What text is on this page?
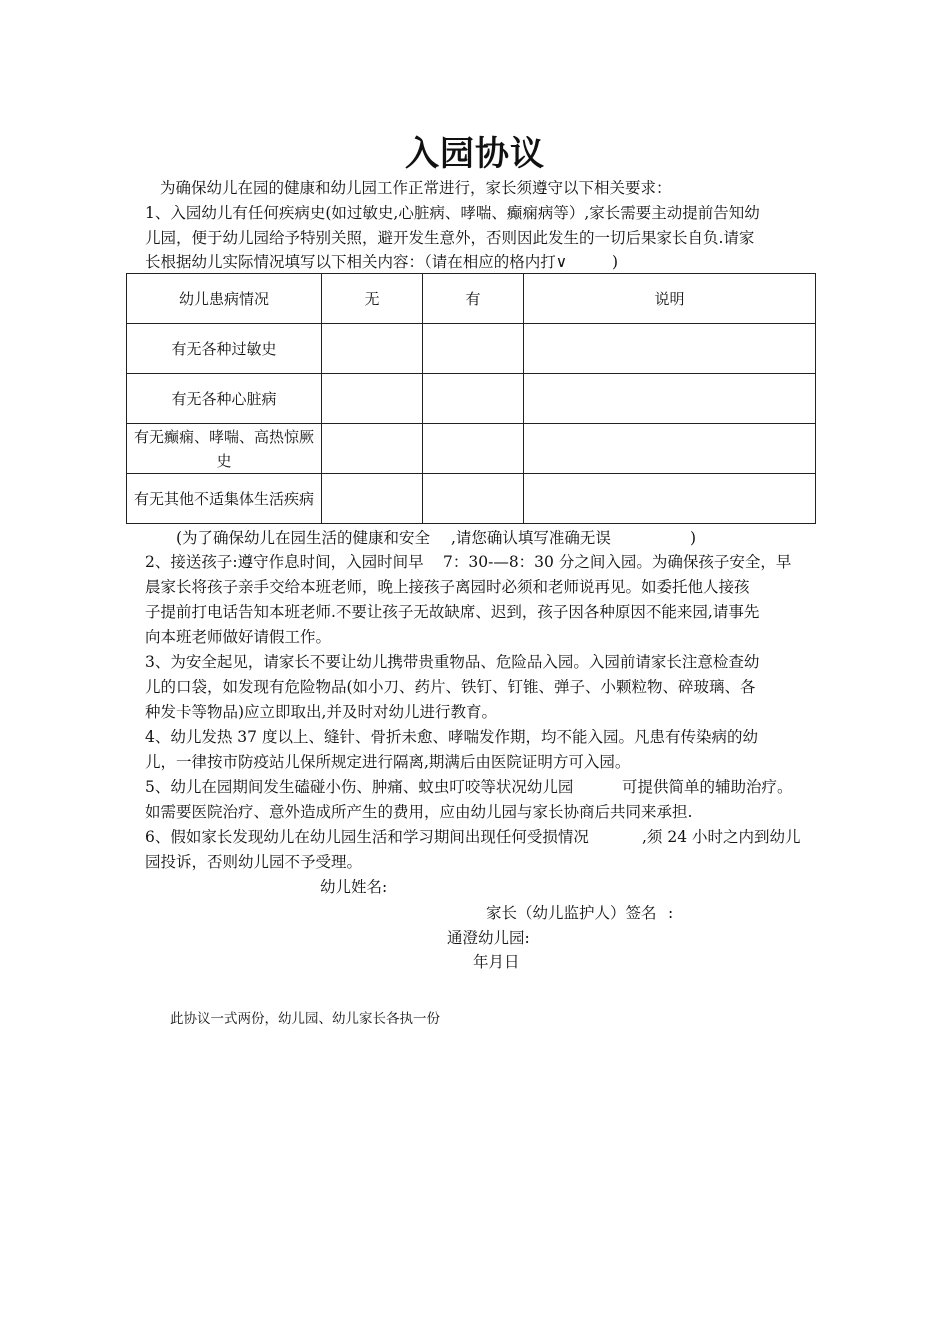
入园协议
为确保幼儿在园的健康和幼儿园工作正常进行，家长须遵守以下相关要求：
1、入园幼儿有任何疾病史(如过敏史,心脏病、哮喘、癫痫病等）,家长需要主动提前告知幼
儿园，便于幼儿园给予特别关照，避开发生意外，否则因此发生的一切后果家长自负.请家
长根据幼儿实际情况填写以下相关内容：（请在相应的格内打∨	)
幼儿患病情况	无	有	说明
有无各种过敏史			
有无各种心脏病			
有无癫痫、哮喘、高热惊厥史			
有无其他不适集体生活疾病			
(为了确保幼儿在园生活的健康和安全 ,请您确认填写准确无误	)
2、接送孩子:遵守作息时间，入园时间早 7：30-—8：30 分之间入园。为确保孩子安全，早
晨家长将孩子亲手交给本班老师，晚上接孩子离园时必须和老师说再见。如委托他人接孩
子提前打电话告知本班老师.不要让孩子无故缺席、迟到，孩子因各种原因不能来园,请事先
向本班老师做好请假工作。
3、为安全起见，请家长不要让幼儿携带贵重物品、危险品入园。入园前请家长注意检查幼
儿的口袋，如发现有危险物品(如小刀、药片、铁钉、钉锥、弹子、小颗粒物、碎玻璃、各
种发卡等物品)应立即取出,并及时对幼儿进行教育。
4、幼儿发热 37 度以上、缝针、骨折未愈、哮喘发作期，均不能入园。凡患有传染病的幼
儿，一律按市防疫站儿保所规定进行隔离,期满后由医院证明方可入园。
5、幼儿在园期间发生磕碰小伤、肿痛、蚊虫叮咬等状况幼儿园	可提供简单的辅助治疗。
如需要医院治疗、意外造成所产生的费用，应由幼儿园与家长协商后共同来承担.
6、假如家长发现幼儿在幼儿园生活和学习期间出现任何受损情况	,须 24 小时之内到幼儿
园投诉，否则幼儿园不予受理。
幼儿姓名:
家长（幼儿监护人）签名 :
通澄幼儿园:
年月日
此协议一式两份，幼儿园、幼儿家长各执一份
